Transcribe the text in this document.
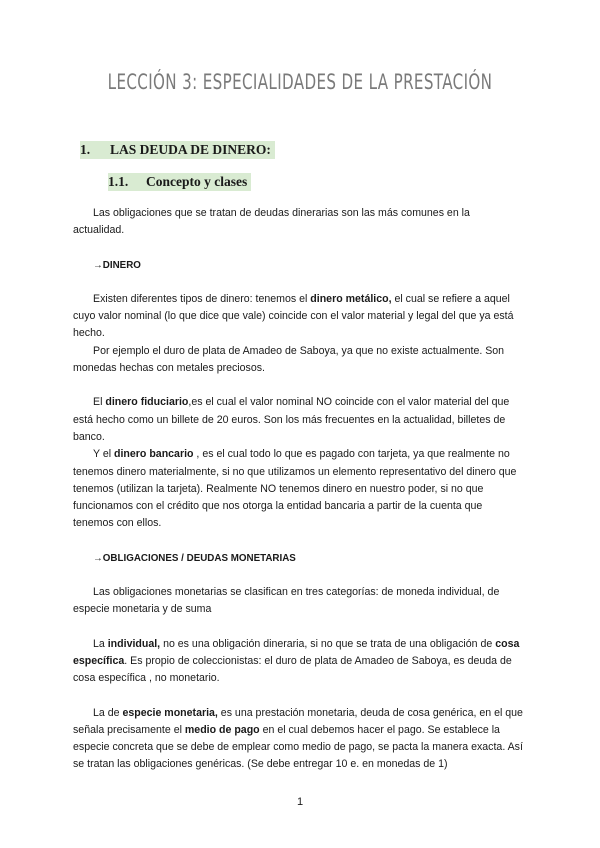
LECCIÓN 3: ESPECIALIDADES DE LA PRESTACIÓN
1. LAS DEUDA DE DINERO:
1.1. Concepto y clases

Las obligaciones que se tratan de deudas dinerarias son las más comunes en la actualidad.

→DINERO

Existen diferentes tipos de dinero: tenemos el dinero metálico, el cual se refiere a aquel cuyo valor nominal (lo que dice que vale) coincide con el valor material y legal del que ya está hecho.

Por ejemplo el duro de plata de Amadeo de Saboya, ya que no existe actualmente. Son monedas hechas con metales preciosos.

El dinero fiduciario,es el cual el valor nominal NO coincide con el valor material del que está hecho como un billete de 20 euros. Son los más frecuentes en la actualidad, billetes de banco.

Y el dinero bancario , es el cual todo lo que es pagado con tarjeta, ya que realmente no tenemos dinero materialmente, si no que utilizamos un elemento representativo del dinero que tenemos (utilizan la tarjeta). Realmente NO tenemos dinero en nuestro poder, si no que funcionamos con el crédito que nos otorga la entidad bancaria a partir de la cuenta que tenemos con ellos.

→OBLIGACIONES / DEUDAS MONETARIAS

Las obligaciones monetarias se clasifican en tres categorías: de moneda individual, de especie monetaria y de suma

La individual, no es una obligación dineraria, si no que se trata de una obligación de cosa específica. Es propio de coleccionistas: el duro de plata de Amadeo de Saboya, es deuda de cosa específica , no monetario.

La de especie monetaria, es una prestación monetaria, deuda de cosa genérica, en el que señala precisamente el medio de pago en el cual debemos hacer el pago. Se establece la especie concreta que se debe de emplear como medio de pago, se pacta la manera exacta. Así se tratan las obligaciones genéricas. (Se debe entregar 10 e. en monedas de 1)

1
